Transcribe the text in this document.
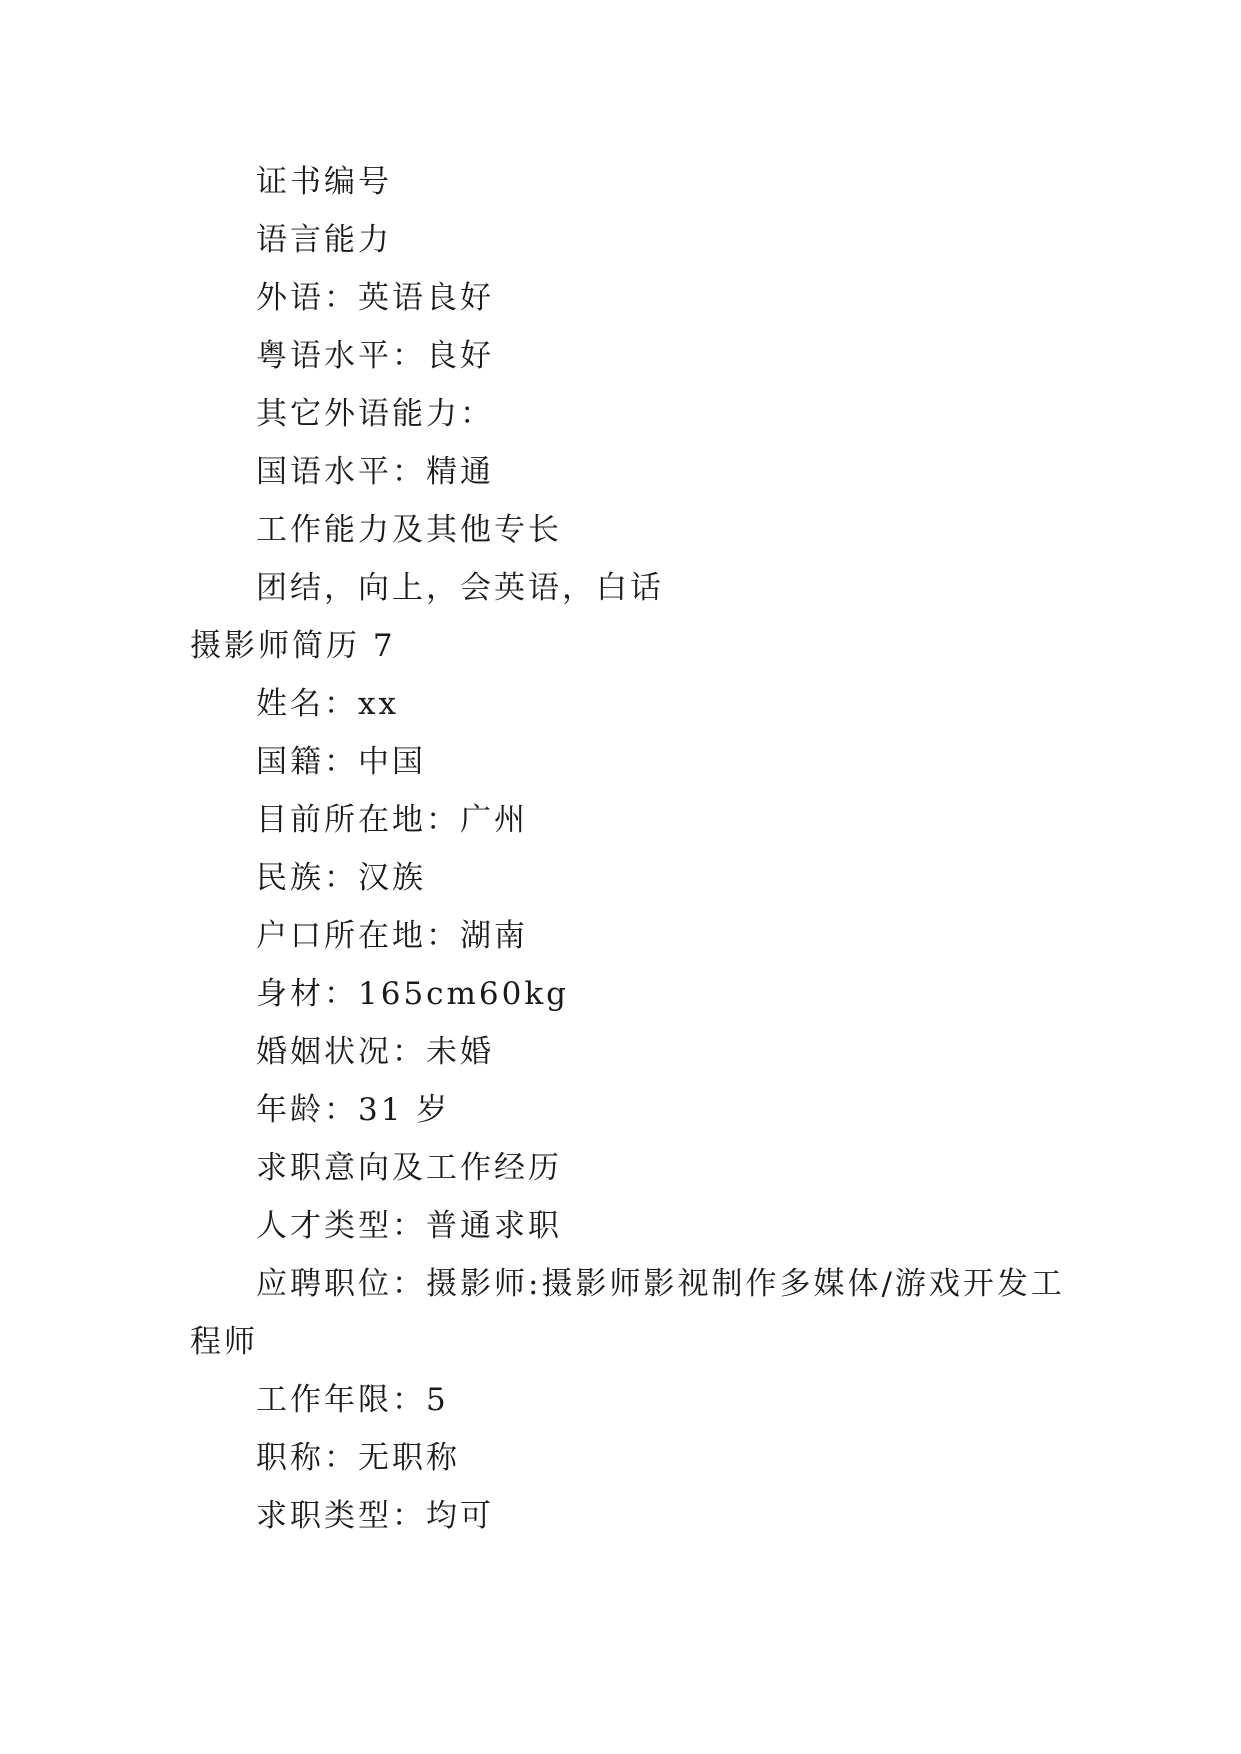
证书编号
语言能力
外语：英语良好
粤语水平：良好
其它外语能力：
国语水平：精通
工作能力及其他专长
团结，向上，会英语，白话
摄影师简历 7
姓名：xx
国籍：中国
目前所在地：广州
民族：汉族
户口所在地：湖南
身材：165cm60kg
婚姻状况：未婚
年龄：31 岁
求职意向及工作经历
人才类型：普通求职
应聘职位：摄影师:摄影师影视制作多媒体/游戏开发工
程师
工作年限：5
职称：无职称
求职类型：均可
